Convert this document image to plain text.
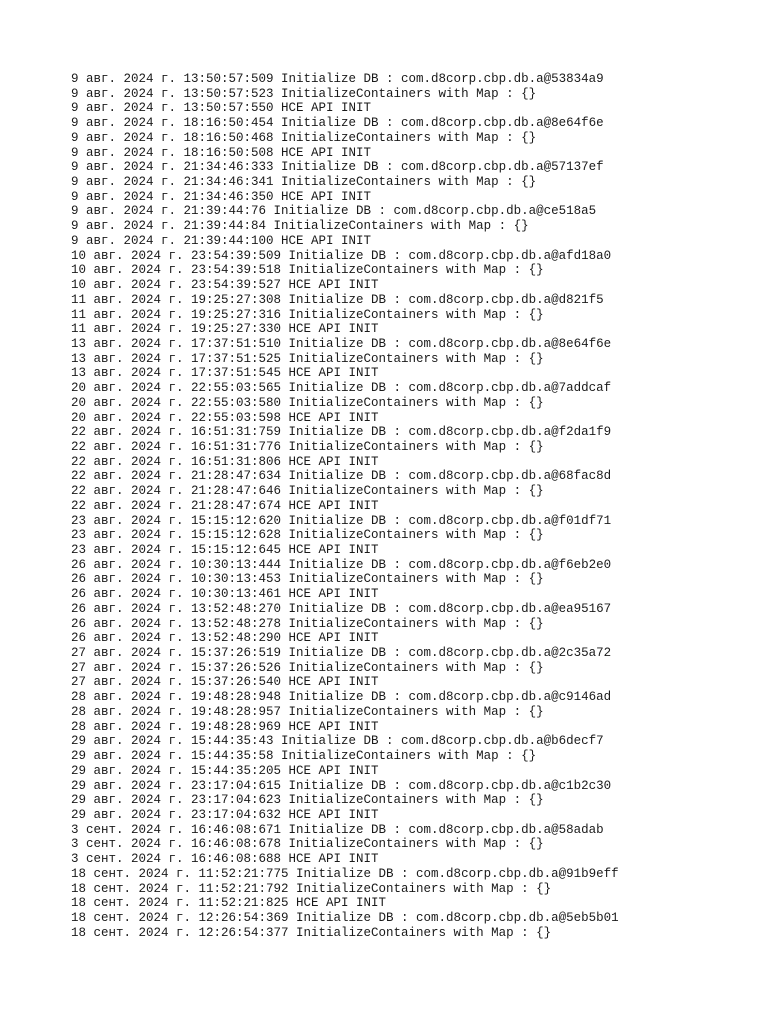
9 авг. 2024 г. 13:50:57:509 Initialize DB : com.d8corp.cbp.db.a@53834a9
9 авг. 2024 г. 13:50:57:523 InitializeContainers with Map : {}
9 авг. 2024 г. 13:50:57:550 HCE API INIT
9 авг. 2024 г. 18:16:50:454 Initialize DB : com.d8corp.cbp.db.a@8e64f6e
9 авг. 2024 г. 18:16:50:468 InitializeContainers with Map : {}
9 авг. 2024 г. 18:16:50:508 HCE API INIT
9 авг. 2024 г. 21:34:46:333 Initialize DB : com.d8corp.cbp.db.a@57137ef
9 авг. 2024 г. 21:34:46:341 InitializeContainers with Map : {}
9 авг. 2024 г. 21:34:46:350 HCE API INIT
9 авг. 2024 г. 21:39:44:76 Initialize DB : com.d8corp.cbp.db.a@ce518a5
9 авг. 2024 г. 21:39:44:84 InitializeContainers with Map : {}
9 авг. 2024 г. 21:39:44:100 HCE API INIT
10 авг. 2024 г. 23:54:39:509 Initialize DB : com.d8corp.cbp.db.a@afd18a0
10 авг. 2024 г. 23:54:39:518 InitializeContainers with Map : {}
10 авг. 2024 г. 23:54:39:527 HCE API INIT
11 авг. 2024 г. 19:25:27:308 Initialize DB : com.d8corp.cbp.db.a@d821f5
11 авг. 2024 г. 19:25:27:316 InitializeContainers with Map : {}
11 авг. 2024 г. 19:25:27:330 HCE API INIT
13 авг. 2024 г. 17:37:51:510 Initialize DB : com.d8corp.cbp.db.a@8e64f6e
13 авг. 2024 г. 17:37:51:525 InitializeContainers with Map : {}
13 авг. 2024 г. 17:37:51:545 HCE API INIT
20 авг. 2024 г. 22:55:03:565 Initialize DB : com.d8corp.cbp.db.a@7addcaf
20 авг. 2024 г. 22:55:03:580 InitializeContainers with Map : {}
20 авг. 2024 г. 22:55:03:598 HCE API INIT
22 авг. 2024 г. 16:51:31:759 Initialize DB : com.d8corp.cbp.db.a@f2da1f9
22 авг. 2024 г. 16:51:31:776 InitializeContainers with Map : {}
22 авг. 2024 г. 16:51:31:806 HCE API INIT
22 авг. 2024 г. 21:28:47:634 Initialize DB : com.d8corp.cbp.db.a@68fac8d
22 авг. 2024 г. 21:28:47:646 InitializeContainers with Map : {}
22 авг. 2024 г. 21:28:47:674 HCE API INIT
23 авг. 2024 г. 15:15:12:620 Initialize DB : com.d8corp.cbp.db.a@f01df71
23 авг. 2024 г. 15:15:12:628 InitializeContainers with Map : {}
23 авг. 2024 г. 15:15:12:645 HCE API INIT
26 авг. 2024 г. 10:30:13:444 Initialize DB : com.d8corp.cbp.db.a@f6eb2e0
26 авг. 2024 г. 10:30:13:453 InitializeContainers with Map : {}
26 авг. 2024 г. 10:30:13:461 HCE API INIT
26 авг. 2024 г. 13:52:48:270 Initialize DB : com.d8corp.cbp.db.a@ea95167
26 авг. 2024 г. 13:52:48:278 InitializeContainers with Map : {}
26 авг. 2024 г. 13:52:48:290 HCE API INIT
27 авг. 2024 г. 15:37:26:519 Initialize DB : com.d8corp.cbp.db.a@2c35a72
27 авг. 2024 г. 15:37:26:526 InitializeContainers with Map : {}
27 авг. 2024 г. 15:37:26:540 HCE API INIT
28 авг. 2024 г. 19:48:28:948 Initialize DB : com.d8corp.cbp.db.a@c9146ad
28 авг. 2024 г. 19:48:28:957 InitializeContainers with Map : {}
28 авг. 2024 г. 19:48:28:969 HCE API INIT
29 авг. 2024 г. 15:44:35:43 Initialize DB : com.d8corp.cbp.db.a@b6decf7
29 авг. 2024 г. 15:44:35:58 InitializeContainers with Map : {}
29 авг. 2024 г. 15:44:35:205 HCE API INIT
29 авг. 2024 г. 23:17:04:615 Initialize DB : com.d8corp.cbp.db.a@c1b2c30
29 авг. 2024 г. 23:17:04:623 InitializeContainers with Map : {}
29 авг. 2024 г. 23:17:04:632 HCE API INIT
3 сент. 2024 г. 16:46:08:671 Initialize DB : com.d8corp.cbp.db.a@58adab
3 сент. 2024 г. 16:46:08:678 InitializeContainers with Map : {}
3 сент. 2024 г. 16:46:08:688 HCE API INIT
18 сент. 2024 г. 11:52:21:775 Initialize DB : com.d8corp.cbp.db.a@91b9eff
18 сент. 2024 г. 11:52:21:792 InitializeContainers with Map : {}
18 сент. 2024 г. 11:52:21:825 HCE API INIT
18 сент. 2024 г. 12:26:54:369 Initialize DB : com.d8corp.cbp.db.a@5eb5b01
18 сент. 2024 г. 12:26:54:377 InitializeContainers with Map : {}
